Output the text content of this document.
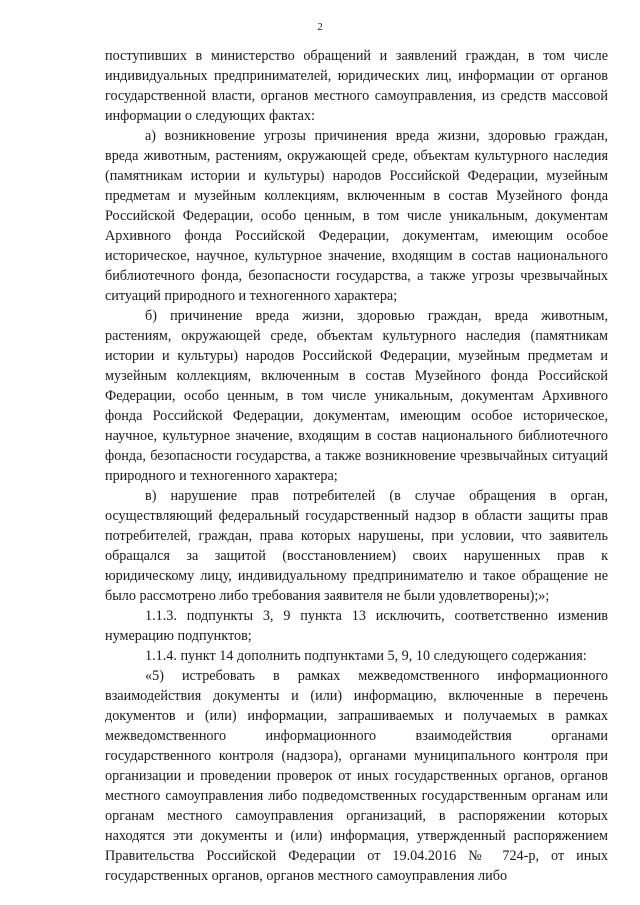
2

поступивших в министерство обращений и заявлений граждан, в том числе индивидуальных предпринимателей, юридических лиц, информации от органов государственной власти, органов местного самоуправления, из средств массовой информации о следующих фактах:

а) возникновение угрозы причинения вреда жизни, здоровью граждан, вреда животным, растениям, окружающей среде, объектам культурного наследия (памятникам истории и культуры) народов Российской Федерации, музейным предметам и музейным коллекциям, включенным в состав Музейного фонда Российской Федерации, особо ценным, в том числе уникальным, документам Архивного фонда Российской Федерации, документам, имеющим особое историческое, научное, культурное значение, входящим в состав национального библиотечного фонда, безопасности государства, а также угрозы чрезвычайных ситуаций природного и техногенного характера;

б) причинение вреда жизни, здоровью граждан, вреда животным, растениям, окружающей среде, объектам культурного наследия (памятникам истории и культуры) народов Российской Федерации, музейным предметам и музейным коллекциям, включенным в состав Музейного фонда Российской Федерации, особо ценным, в том числе уникальным, документам Архивного фонда Российской Федерации, документам, имеющим особое историческое, научное, культурное значение, входящим в состав национального библиотечного фонда, безопасности государства, а также возникновение чрезвычайных ситуаций природного и техногенного характера;

в) нарушение прав потребителей (в случае обращения в орган, осуществляющий федеральный государственный надзор в области защиты прав потребителей, граждан, права которых нарушены, при условии, что заявитель обращался за защитой (восстановлением) своих нарушенных прав к юридическому лицу, индивидуальному предпринимателю и такое обращение не было рассмотрено либо требования заявителя не были удовлетворены);»;

1.1.3. подпункты 3, 9 пункта 13 исключить, соответственно изменив нумерацию подпунктов;

1.1.4. пункт 14 дополнить подпунктами 5, 9, 10 следующего содержания:

«5) истребовать в рамках межведомственного информационного взаимодействия документы и (или) информацию, включенные в перечень документов и (или) информации, запрашиваемых и получаемых в рамках межведомственного информационного взаимодействия органами государственного контроля (надзора), органами муниципального контроля при организации и проведении проверок от иных государственных органов, органов местного самоуправления либо подведомственных государственным органам или органам местного самоуправления организаций, в распоряжении которых находятся эти документы и (или) информация, утвержденный распоряжением Правительства Российской Федерации от 19.04.2016 № 724-р, от иных государственных органов, органов местного самоуправления либо
